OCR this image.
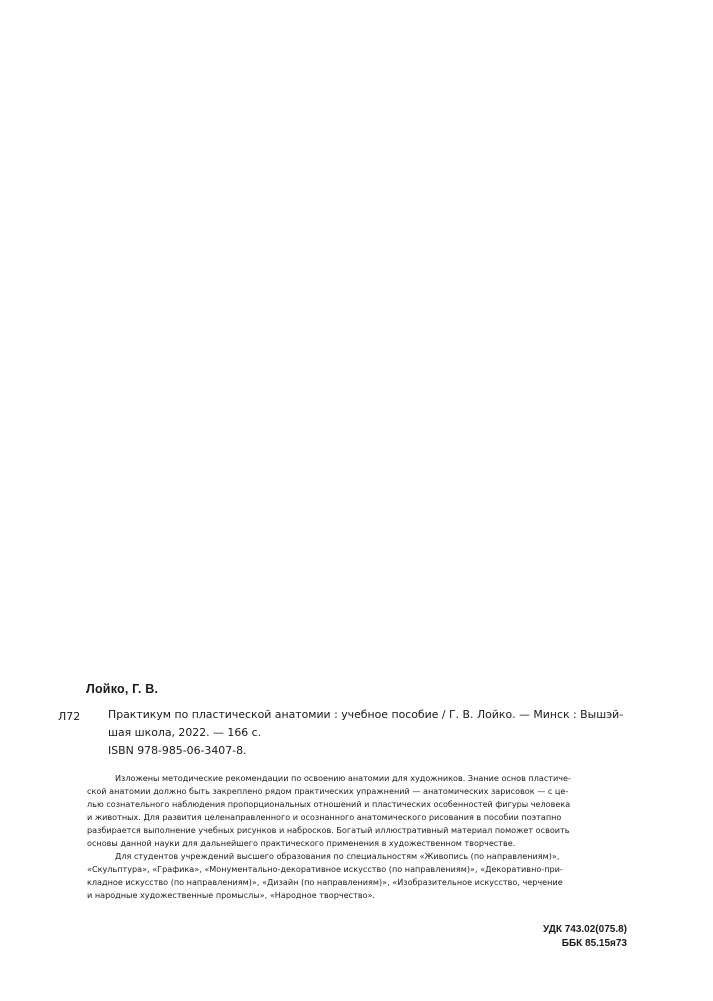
Лойко, Г. В.
Л72	Практикум по пластической анатомии : учебное пособие / Г. В. Лойко. — Минск : Вышэй-

шая школа, 2022. — 166 с.

ISBN 978-985-06-3407-8.

Изложены методические рекомендации по освоению анатомии для художников. Знание основ пластиче-

ской анатомии должно быть закреплено рядом практических упражнений — анатомических зарисовок — с це-

лью сознательного наблюдения пропорциональных отношений и пластических особенностей фигуры человека

и животных. Для развития целенаправленного и осознанного анатомического рисования в пособии поэтапно

разбирается выполнение учебных рисунков и набросков. Богатый иллюстративный материал поможет освоить

основы данной науки для дальнейшего практического применения в художественном творчестве.

Для студентов учреждений высшего образования по специальностям «Живопись (по направлениям)»,

«Скульптура», «Графика», «Монументально-декоративное искусство (по направлениям)», «Декоративно-при-

кладное искусство (по направлениям)», «Дизайн (по направлениям)», «Изобразительное искусство, черчение

и народные художественные промыслы», «Народное творчество».

УДК 743.02(075.8)

ББК 85.15я73
